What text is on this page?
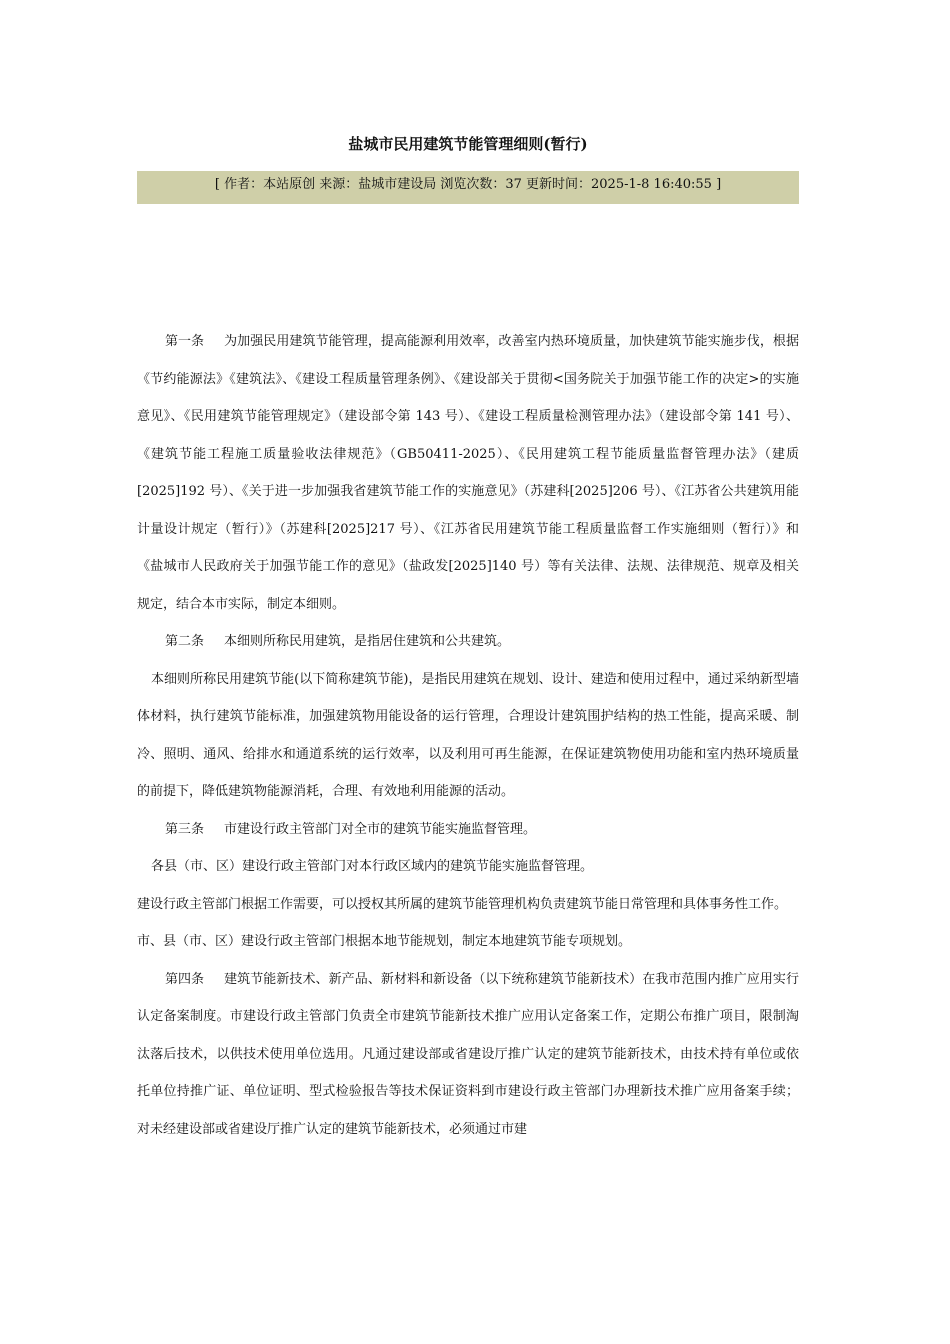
盐城市民用建筑节能管理细则(暂行)
[ 作者：本站原创 来源：盐城市建设局 浏览次数：37 更新时间：2025-1-8 16:40:55 ]

第一条 为加强民用建筑节能管理，提高能源利用效率，改善室内热环境质量，加快建筑节能实施步伐，根据《节约能源法》《建筑法》、《建设工程质量管理条例》、《建设部关于贯彻<国务院关于加强节能工作的决定>的实施意见》、《民用建筑节能管理规定》（建设部令第 143 号）、《建设工程质量检测管理办法》（建设部令第 141 号）、《建筑节能工程施工质量验收法律规范》（GB50411-2025）、《民用建筑工程节能质量监督管理办法》（建质[2025]192 号）、《关于进一步加强我省建筑节能工作的实施意见》（苏建科[2025]206 号）、《江苏省公共建筑用能计量设计规定（暂行）》（苏建科[2025]217 号）、《江苏省民用建筑节能工程质量监督工作实施细则（暂行）》和《盐城市人民政府关于加强节能工作的意见》（盐政发[2025]140 号）等有关法律、法规、法律规范、规章及相关规定，结合本市实际，制定本细则。

第二条 本细则所称民用建筑，是指居住建筑和公共建筑。

本细则所称民用建筑节能(以下简称建筑节能)，是指民用建筑在规划、设计、建造和使用过程中，通过采纳新型墙体材料，执行建筑节能标准，加强建筑物用能设备的运行管理，合理设计建筑围护结构的热工性能，提高采暖、制冷、照明、通风、给排水和通道系统的运行效率，以及利用可再生能源，在保证建筑物使用功能和室内热环境质量的前提下，降低建筑物能源消耗，合理、有效地利用能源的活动。

第三条 市建设行政主管部门对全市的建筑节能实施监督管理。

各县（市、区）建设行政主管部门对本行政区域内的建筑节能实施监督管理。

建设行政主管部门根据工作需要，可以授权其所属的建筑节能管理机构负责建筑节能日常管理和具体事务性工作。

市、县（市、区）建设行政主管部门根据本地节能规划，制定本地建筑节能专项规划。

第四条 建筑节能新技术、新产品、新材料和新设备（以下统称建筑节能新技术）在我市范围内推广应用实行认定备案制度。市建设行政主管部门负责全市建筑节能新技术推广应用认定备案工作，定期公布推广项目，限制淘汰落后技术，以供技术使用单位选用。凡通过建设部或省建设厅推广认定的建筑节能新技术，由技术持有单位或依托单位持推广证、单位证明、型式检验报告等技术保证资料到市建设行政主管部门办理新技术推广应用备案手续；对未经建设部或省建设厅推广认定的建筑节能新技术，必须通过市建
